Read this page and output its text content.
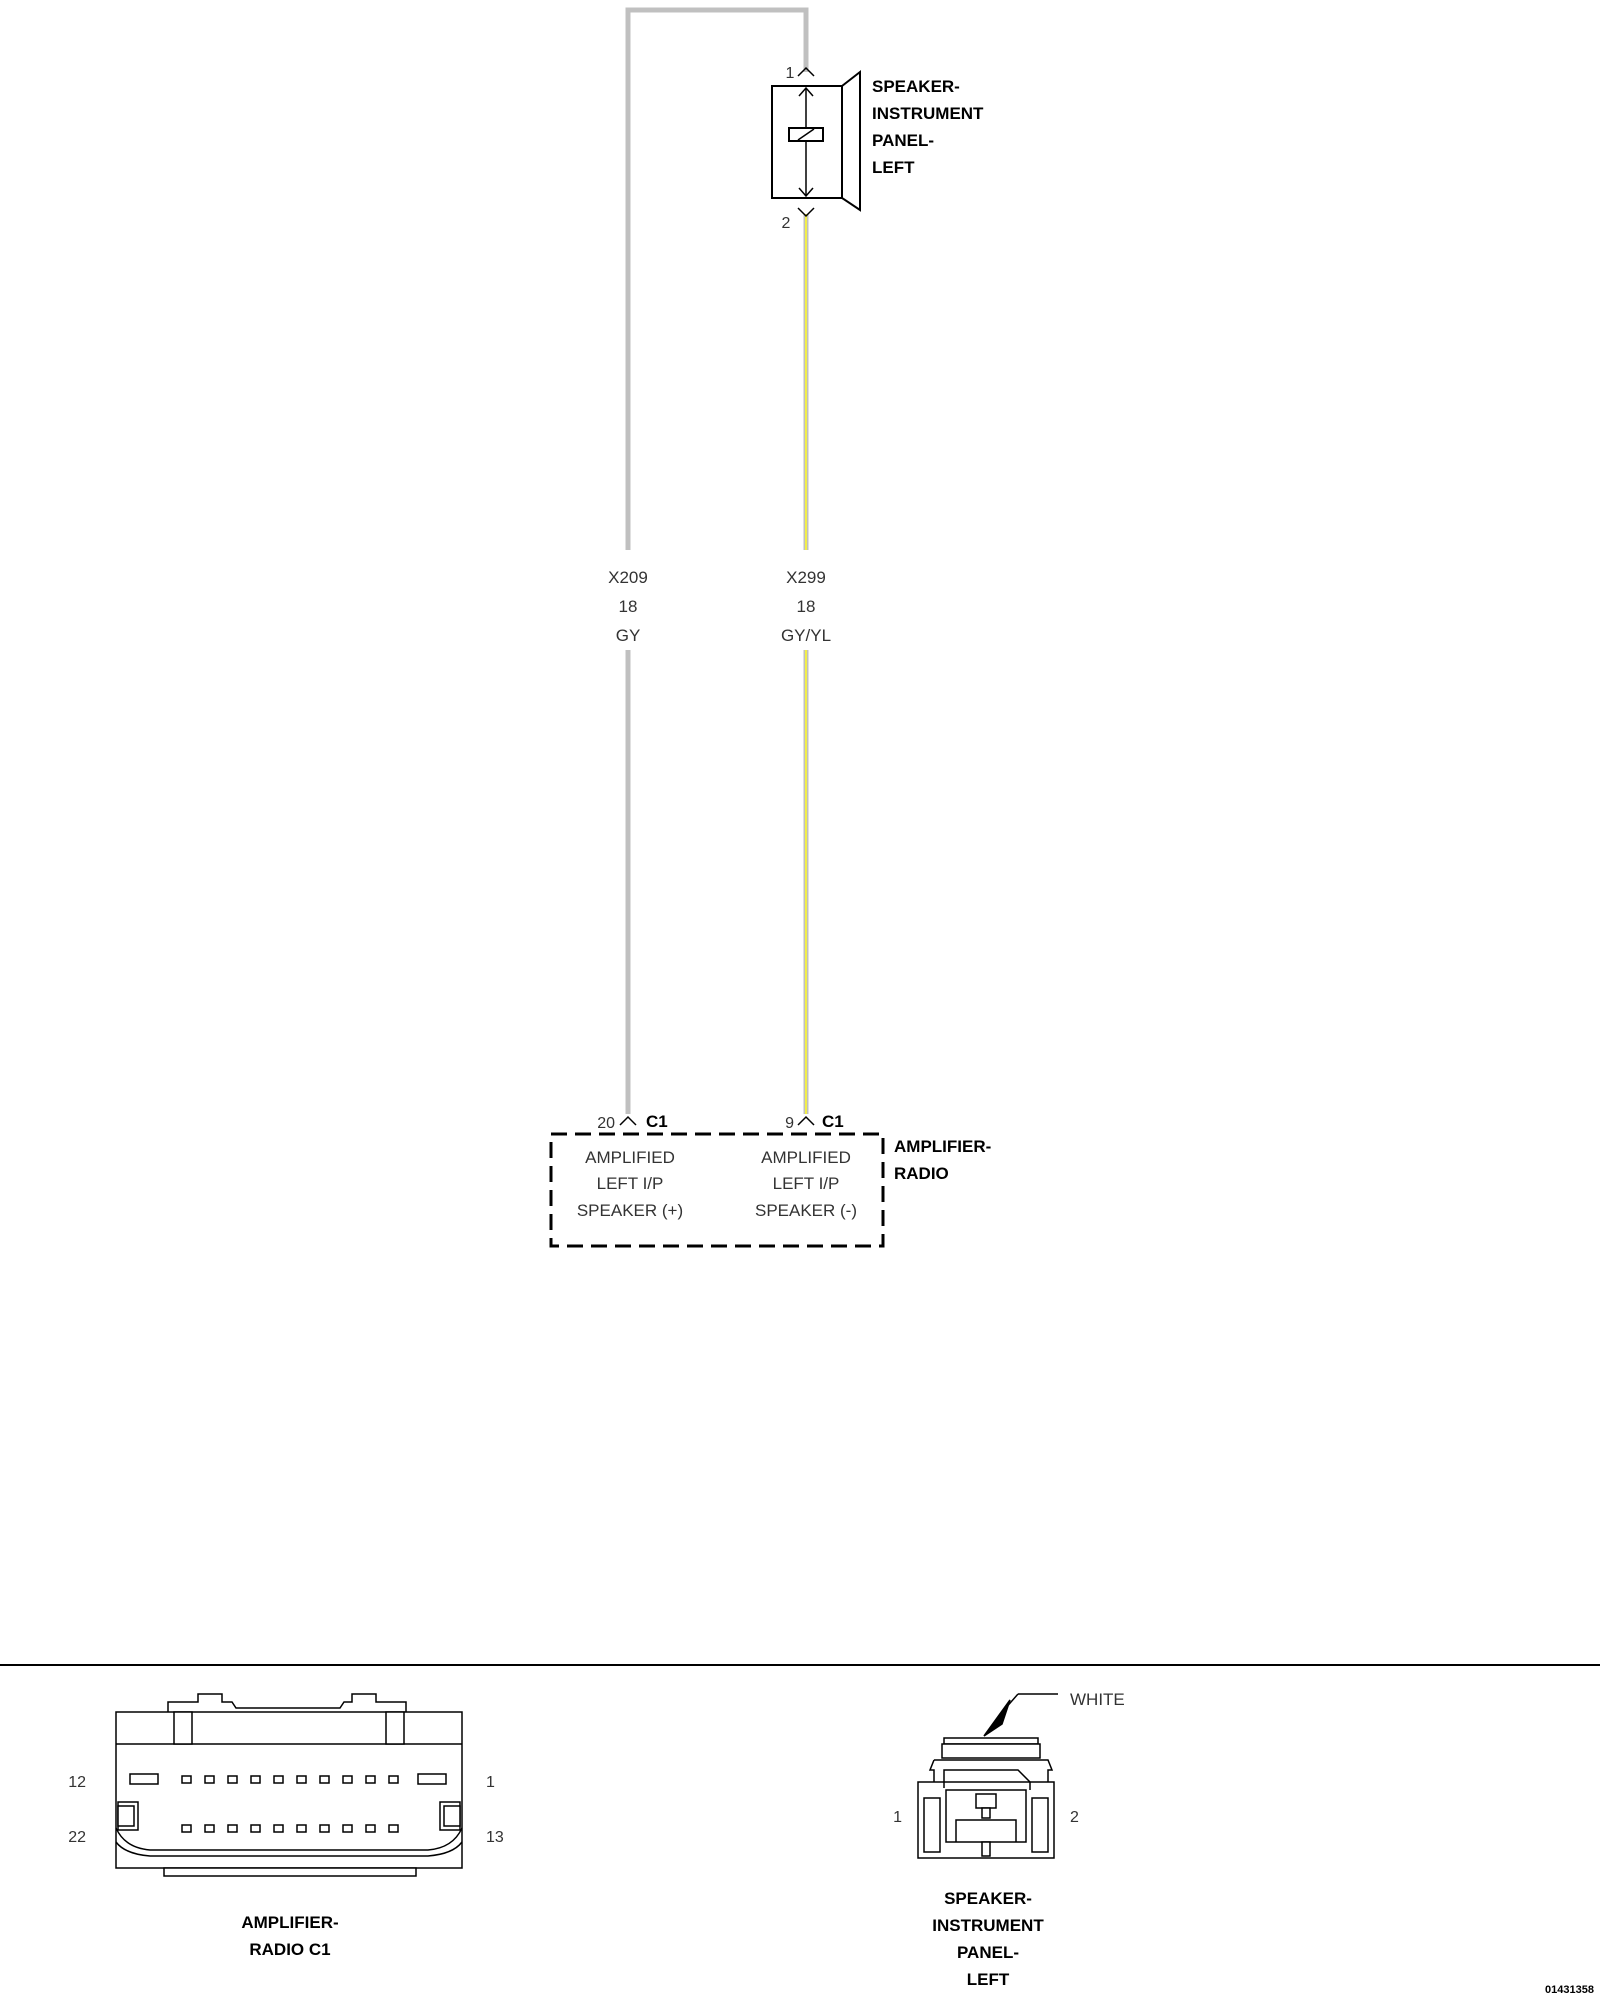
X209
18
GY
X299
18
GY/YL
1
2
SPEAKER-
INSTRUMENT
PANEL-
LEFT
20 C1
AMPLIFIED
LEFT I/P
SPEAKER (+)
9 C1
AMPLIFIED
LEFT I/P
SPEAKER (-)
AMPLIFIER-
RADIO
12	1
22	13
AMPLIFIER-
RADIO C1
WHITE
1	2
SPEAKER-
INSTRUMENT
PANEL-
LEFT
01431358
